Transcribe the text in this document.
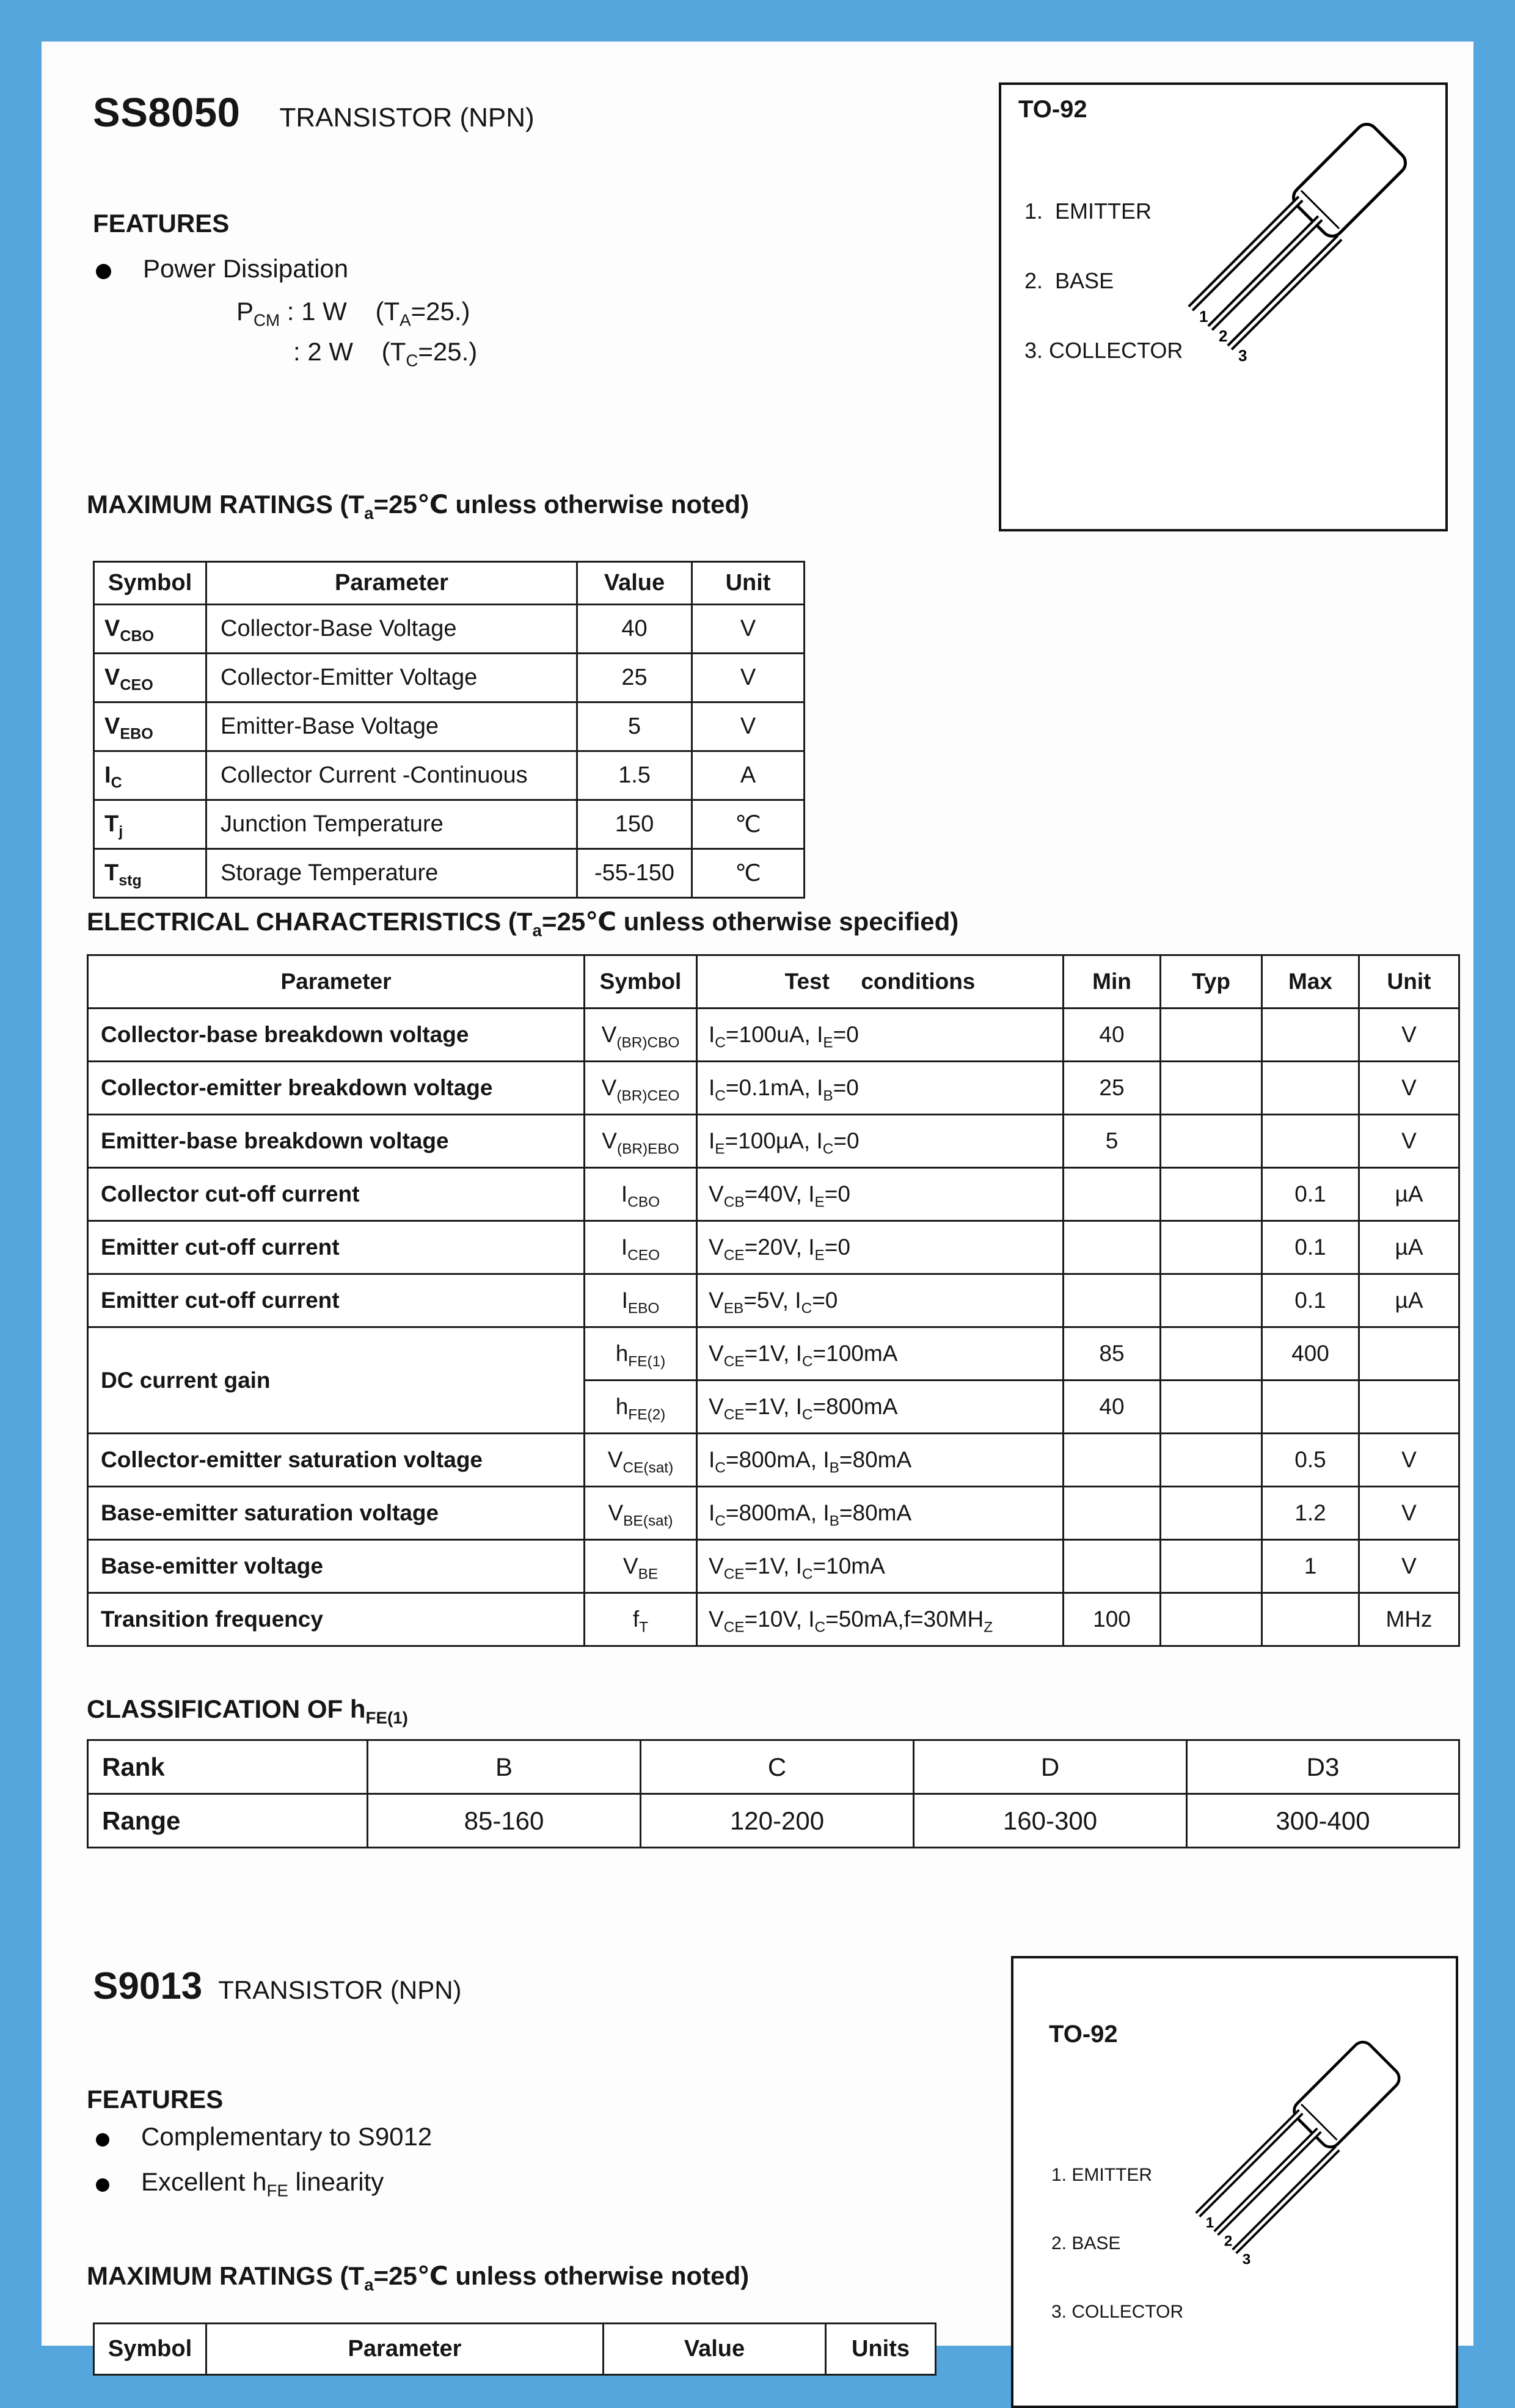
SS8050 TRANSISTOR (NPN)	TO-92
1.  EMITTER
2.  BASE
3. COLLECTOR
1
2
3
FEATURES
Power Dissipation
$P_{CM}$ : 1 W    $(T_A=25.)$
: 2 W    $(T_C=25.)$
MAXIMUM RATINGS ($T_a=25℃$ unless otherwise noted)
Symbol	Parameter	Value	Unit
$V_{CBO}$	Collector-Base Voltage	40	V
$V_{CEO}$	Collector-Emitter Voltage	25	V
$V_{EBO}$	Emitter-Base Voltage	5	V
$I_C$	Collector Current -Continuous	1.5	A
$T_j$	Junction Temperature	150	℃
$T_{stg}$	Storage Temperature	-55-150	℃
ELECTRICAL CHARACTERISTICS ($T_a=25℃$ unless otherwise specified)
Parameter	Symbol	Test     conditions	Min	Typ	Max	Unit
Collector-base breakdown voltage	$V_{(BR)CBO}$	$I_C=100uA$, $I_E=0$	40			V
Collector-emitter breakdown voltage	$V_{(BR)CEO}$	$I_C=0.1mA$, $I_B=0$	25			V
Emitter-base breakdown voltage	$V_{(BR)EBO}$	$I_E=100\mu A$, $I_C=0$	5			V
Collector cut-off current	$I_{CBO}$	$V_{CB}=40V$, $I_E=0$			0.1	µA
Emitter cut-off current	$I_{CEO}$	$V_{CE}=20V$, $I_E=0$			0.1	µA
Emitter cut-off current	$I_{EBO}$	$V_{EB}=5V$, $I_C=0$			0.1	µA
DC current gain	$h_{FE(1)}$	$V_{CE}=1V$, $I_C=100mA$	85		400	
	$h_{FE(2)}$	$V_{CE}=1V$, $I_C=800mA$	40			
Collector-emitter saturation voltage	$V_{CE(sat)}$	$I_C=800mA$, $I_B=80mA$			0.5	V
Base-emitter saturation voltage	$V_{BE(sat)}$	$I_C=800mA$, $I_B=80mA$			1.2	V
Base-emitter voltage	$V_{BE}$	$V_{CE}=1V$, $I_C=10mA$			1	V
Transition frequency	$f_T$	$V_{CE}=10V$, $I_C=50mA,f=30MH_Z$	100			MHz
CLASSIFICATION OF $h_{FE(1)}$
Rank	B	C	D	D3
Range	85-160	120-200	160-300	300-400
S9013 TRANSISTOR (NPN)
TO-92
1. EMITTER
2. BASE
3. COLLECTOR
1
2
3
FEATURES
Complementary to S9012
Excellent $h_{FE}$ linearity
MAXIMUM RATINGS ($T_a=25℃$ unless otherwise noted)
Symbol	Parameter	Value	Units
